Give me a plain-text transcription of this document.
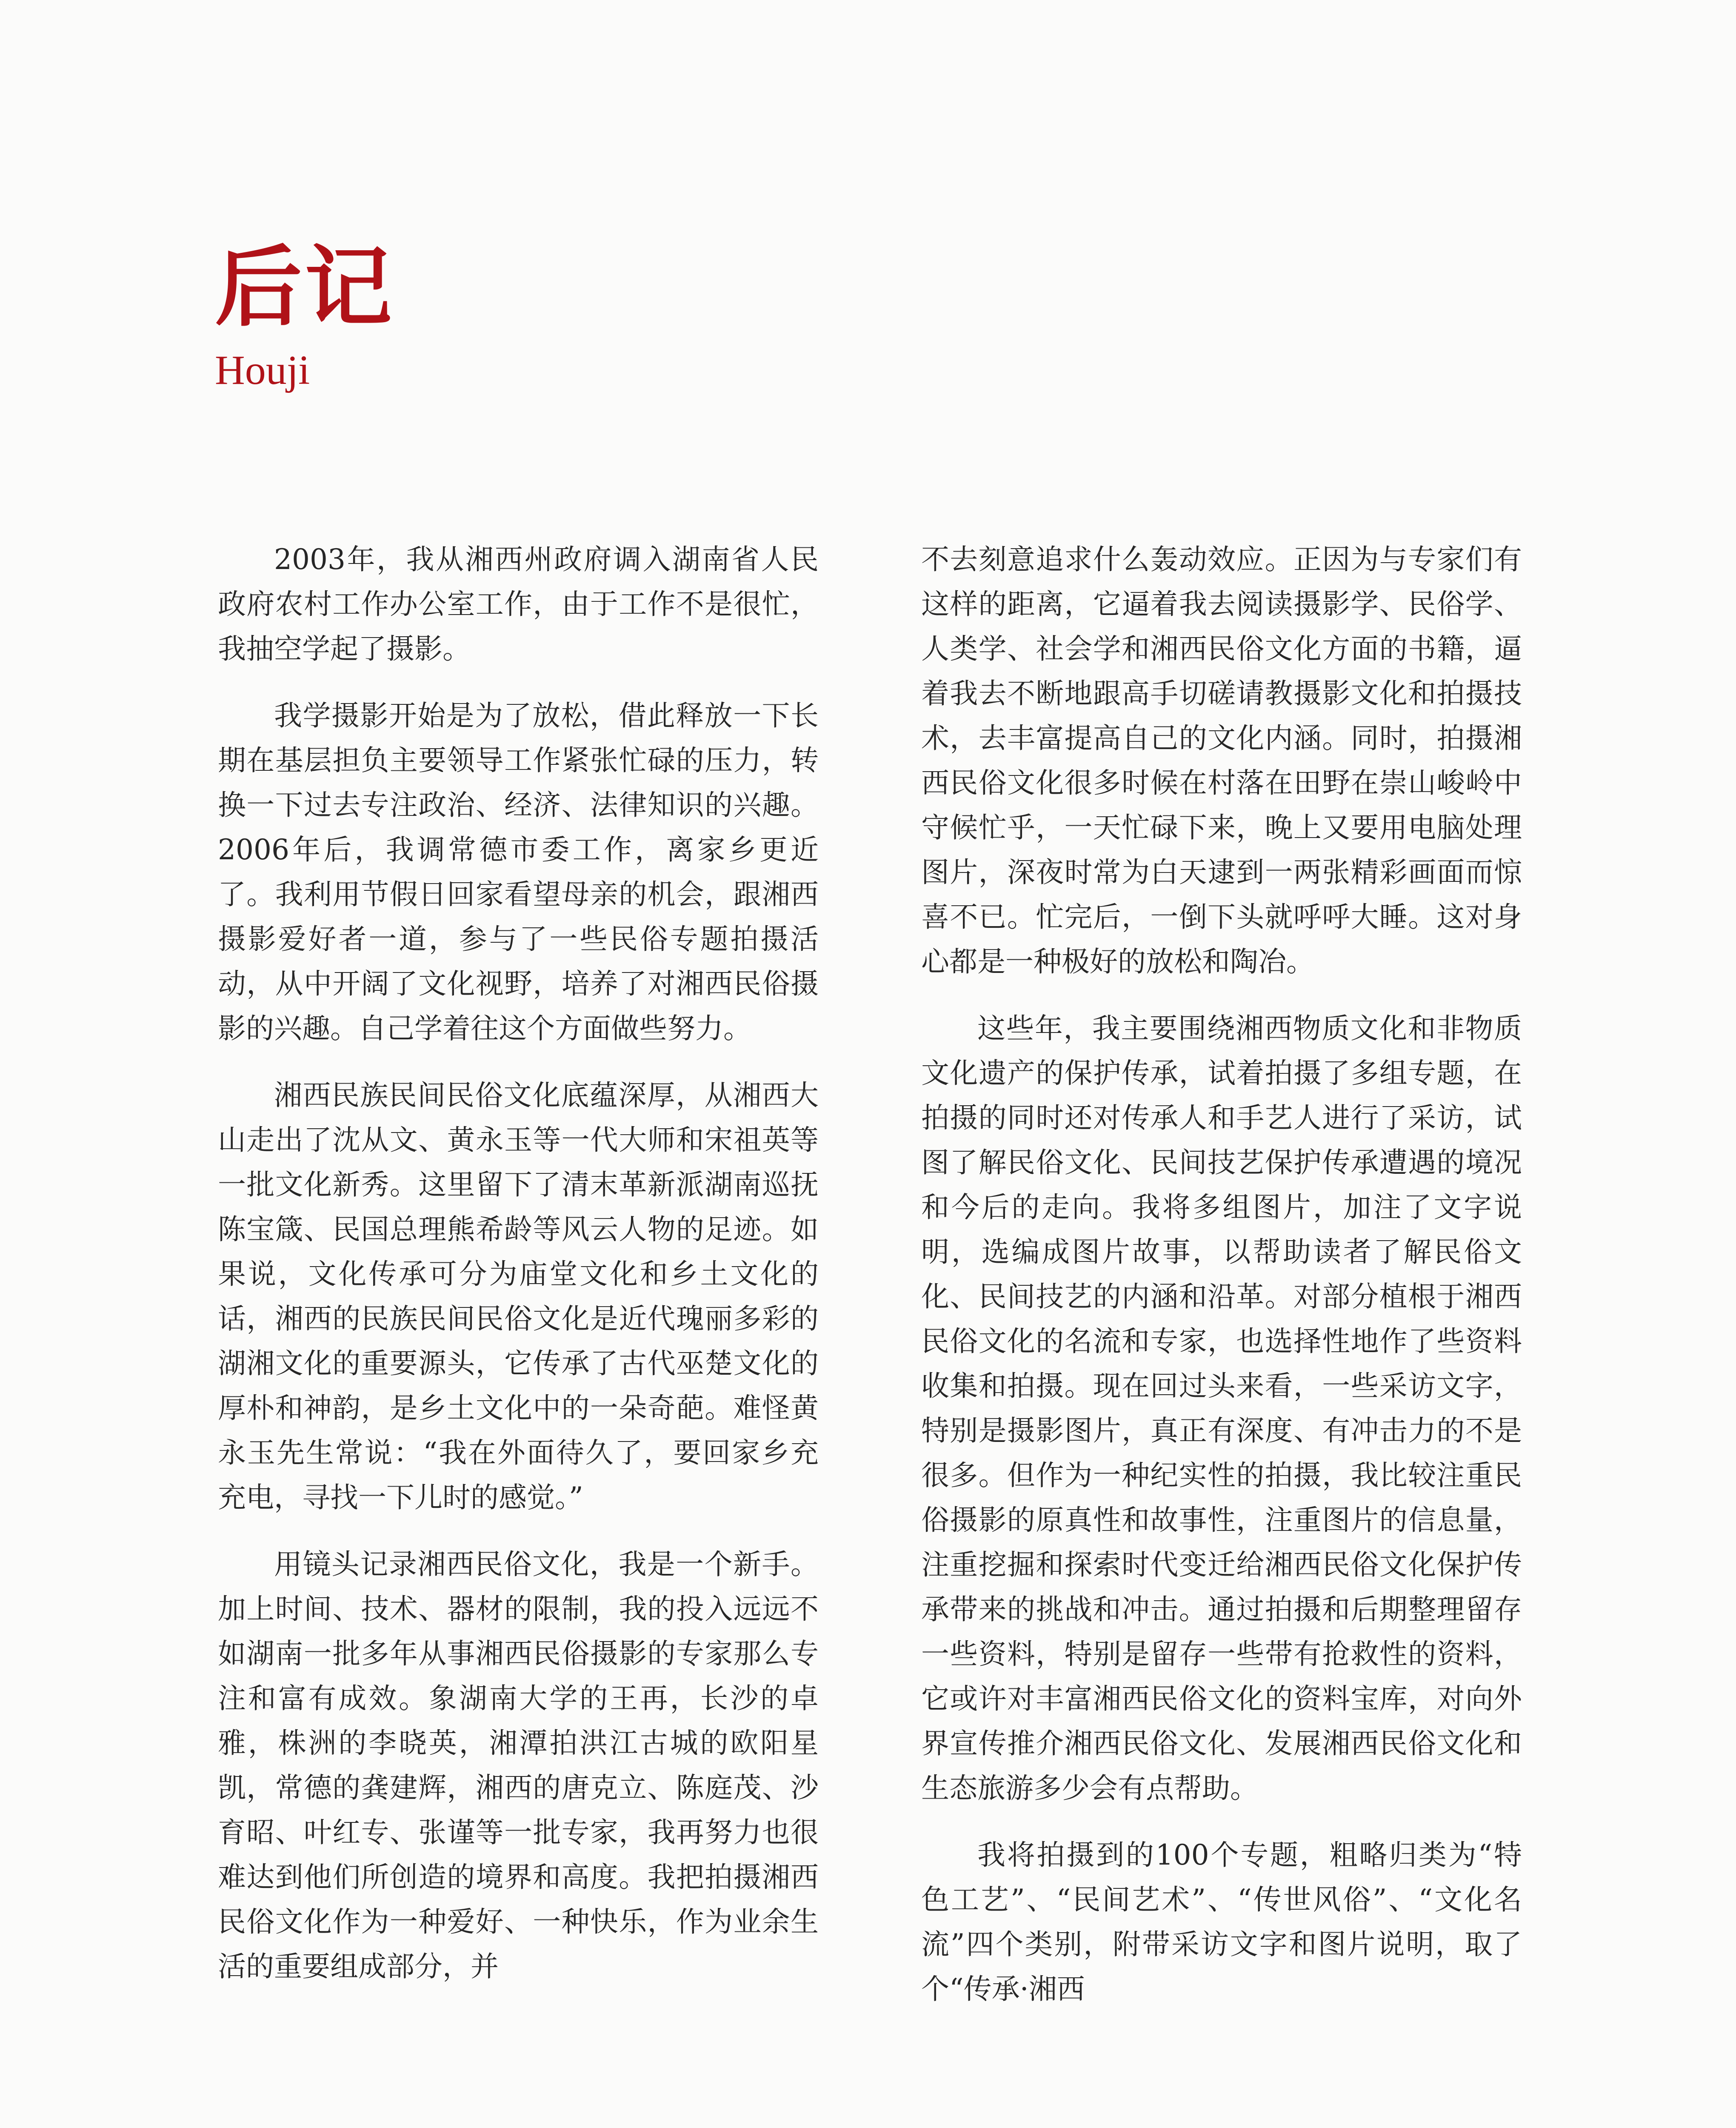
后记
Houji

2003年，我从湘西州政府调入湖南省人民政府农村工作办公室工作，由于工作不是很忙，我抽空学起了摄影。

我学摄影开始是为了放松，借此释放一下长期在基层担负主要领导工作紧张忙碌的压力，转换一下过去专注政治、经济、法律知识的兴趣。2006年后，我调常德市委工作，离家乡更近了。我利用节假日回家看望母亲的机会，跟湘西摄影爱好者一道，参与了一些民俗专题拍摄活动，从中开阔了文化视野，培养了对湘西民俗摄影的兴趣。自己学着往这个方面做些努力。

湘西民族民间民俗文化底蕴深厚，从湘西大山走出了沈从文、黄永玉等一代大师和宋祖英等一批文化新秀。这里留下了清末革新派湖南巡抚陈宝箴、民国总理熊希龄等风云人物的足迹。如果说，文化传承可分为庙堂文化和乡土文化的话，湘西的民族民间民俗文化是近代瑰丽多彩的湖湘文化的重要源头，它传承了古代巫楚文化的厚朴和神韵，是乡土文化中的一朵奇葩。难怪黄永玉先生常说：“我在外面待久了，要回家乡充充电，寻找一下儿时的感觉。”

用镜头记录湘西民俗文化，我是一个新手。加上时间、技术、器材的限制，我的投入远远不如湖南一批多年从事湘西民俗摄影的专家那么专注和富有成效。象湖南大学的王再，长沙的卓雅，株洲的李晓英，湘潭拍洪江古城的欧阳星凯，常德的龚建辉，湘西的唐克立、陈庭茂、沙育昭、叶红专、张谨等一批专家，我再努力也很难达到他们所创造的境界和高度。我把拍摄湘西民俗文化作为一种爱好、一种快乐，作为业余生活的重要组成部分，并

不去刻意追求什么轰动效应。正因为与专家们有这样的距离，它逼着我去阅读摄影学、民俗学、人类学、社会学和湘西民俗文化方面的书籍，逼着我去不断地跟高手切磋请教摄影文化和拍摄技术，去丰富提高自己的文化内涵。同时，拍摄湘西民俗文化很多时候在村落在田野在崇山峻岭中守候忙乎，一天忙碌下来，晚上又要用电脑处理图片，深夜时常为白天逮到一两张精彩画面而惊喜不已。忙完后，一倒下头就呼呼大睡。这对身心都是一种极好的放松和陶冶。

这些年，我主要围绕湘西物质文化和非物质文化遗产的保护传承，试着拍摄了多组专题，在拍摄的同时还对传承人和手艺人进行了采访，试图了解民俗文化、民间技艺保护传承遭遇的境况和今后的走向。我将多组图片，加注了文字说明，选编成图片故事，以帮助读者了解民俗文化、民间技艺的内涵和沿革。对部分植根于湘西民俗文化的名流和专家，也选择性地作了些资料收集和拍摄。现在回过头来看，一些采访文字，特别是摄影图片，真正有深度、有冲击力的不是很多。但作为一种纪实性的拍摄，我比较注重民俗摄影的原真性和故事性，注重图片的信息量，注重挖掘和探索时代变迁给湘西民俗文化保护传承带来的挑战和冲击。通过拍摄和后期整理留存一些资料，特别是留存一些带有抢救性的资料，它或许对丰富湘西民俗文化的资料宝库，对向外界宣传推介湘西民俗文化、发展湘西民俗文化和生态旅游多少会有点帮助。

我将拍摄到的100个专题，粗略归类为“特色工艺”、“民间艺术”、“传世风俗”、“文化名流”四个类别，附带采访文字和图片说明，取了个“传承·湘西
